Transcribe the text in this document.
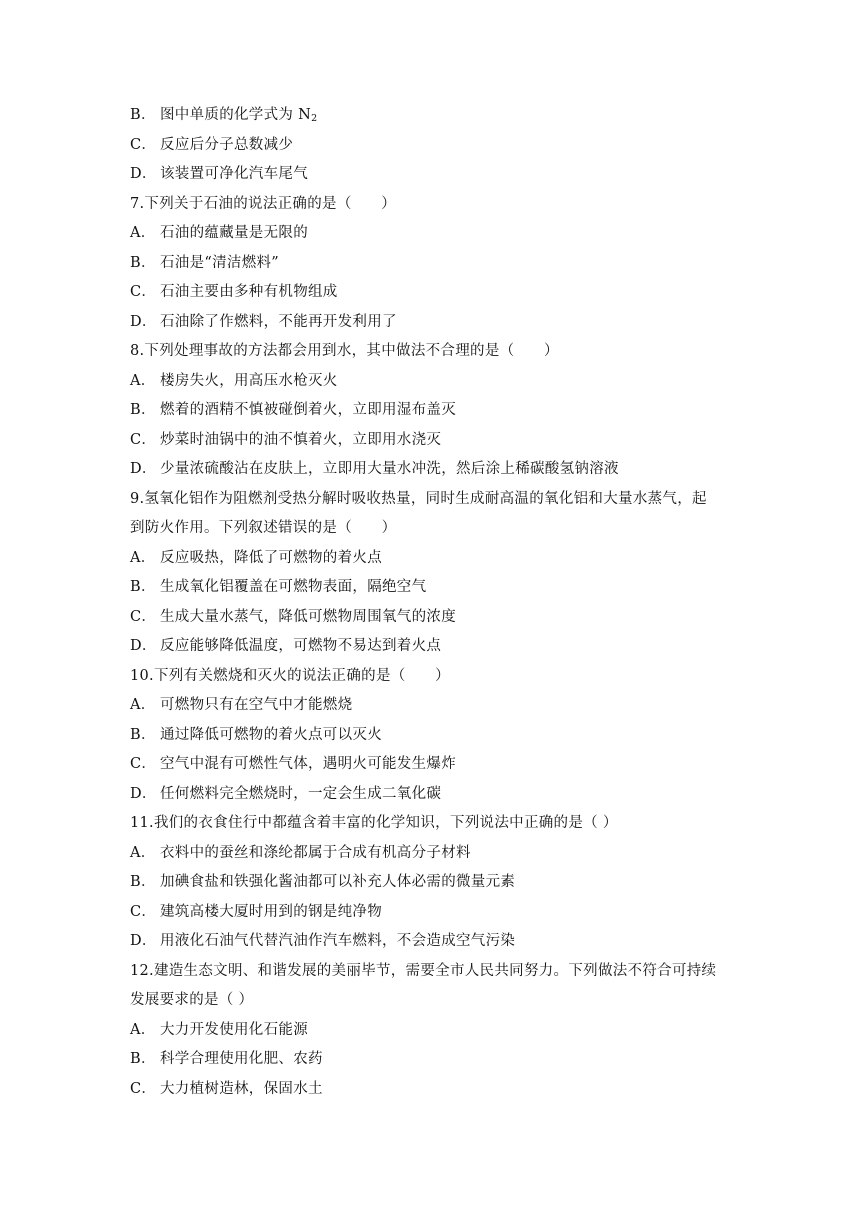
B． 图中单质的化学式为 $N_2$
C． 反应后分子总数减少
D． 该装置可净化汽车尾气
7.下列关于石油的说法正确的是（　　）
A． 石油的蕴藏量是无限的
B． 石油是“清洁燃料”
C． 石油主要由多种有机物组成
D． 石油除了作燃料，不能再开发利用了
8.下列处理事故的方法都会用到水，其中做法不合理的是（　　）
A． 楼房失火，用高压水枪灭火
B． 燃着的酒精不慎被碰倒着火，立即用湿布盖灭
C． 炒菜时油锅中的油不慎着火，立即用水浇灭
D． 少量浓硫酸沾在皮肤上，立即用大量水冲洗，然后涂上稀碳酸氢钠溶液
9.氢氧化铝作为阻燃剂受热分解时吸收热量，同时生成耐高温的氧化铝和大量水蒸气，起
到防火作用。下列叙述错误的是（　　）
A． 反应吸热，降低了可燃物的着火点
B． 生成氧化铝覆盖在可燃物表面，隔绝空气
C． 生成大量水蒸气，降低可燃物周围氧气的浓度
D． 反应能够降低温度，可燃物不易达到着火点
10.下列有关燃烧和灭火的说法正确的是（　　）
A． 可燃物只有在空气中才能燃烧
B． 通过降低可燃物的着火点可以灭火
C． 空气中混有可燃性气体，遇明火可能发生爆炸
D． 任何燃料完全燃烧时，一定会生成二氧化碳
11.我们的衣食住行中都蕴含着丰富的化学知识，下列说法中正确的是（ ）
A． 衣料中的蚕丝和涤纶都属于合成有机高分子材料
B． 加碘食盐和铁强化酱油都可以补充人体必需的微量元素
C． 建筑高楼大厦时用到的钢是纯净物
D． 用液化石油气代替汽油作汽车燃料，不会造成空气污染
12.建造生态文明、和谐发展的美丽毕节，需要全市人民共同努力。下列做法不符合可持续
发展要求的是（ ）
A． 大力开发使用化石能源
B． 科学合理使用化肥、农药
C． 大力植树造林，保固水土
